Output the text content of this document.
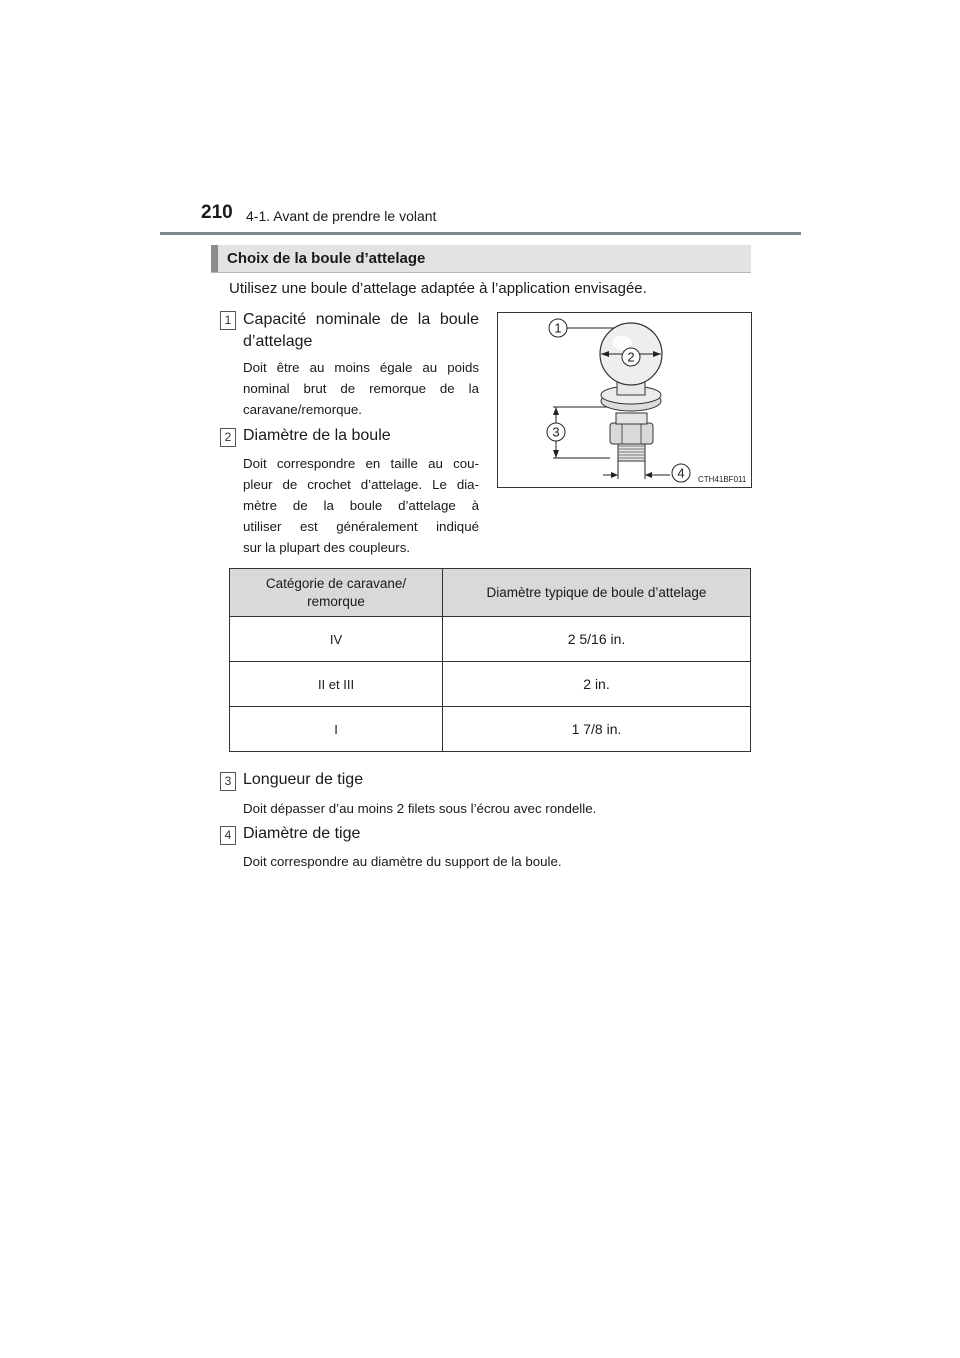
210 4-1. Avant de prendre le volant
Choix de la boule d’attelage
Utilisez une boule d’attelage adaptée à l’application envisagée.
1 Capacité nominale de la boule d’attelage
Doit être au moins égale au poids
nominal brut de remorque de la
caravane/remorque.
2 Diamètre de la boule
Doit correspondre en taille au cou-
pleur de crochet d’attelage. Le dia-
mètre de la boule d’attelage à
utiliser est généralement indiqué
sur la plupart des coupleurs.
1
2
3
4 CTH41BF011
Catégorie de caravane/ remorque	Diamètre typique de boule d’attelage
IV	2 5/16 in.
II et III	2 in.
I	1 7/8 in.
3 Longueur de tige
Doit dépasser d’au moins 2 filets sous l’écrou avec rondelle.
4 Diamètre de tige
Doit correspondre au diamètre du support de la boule.
